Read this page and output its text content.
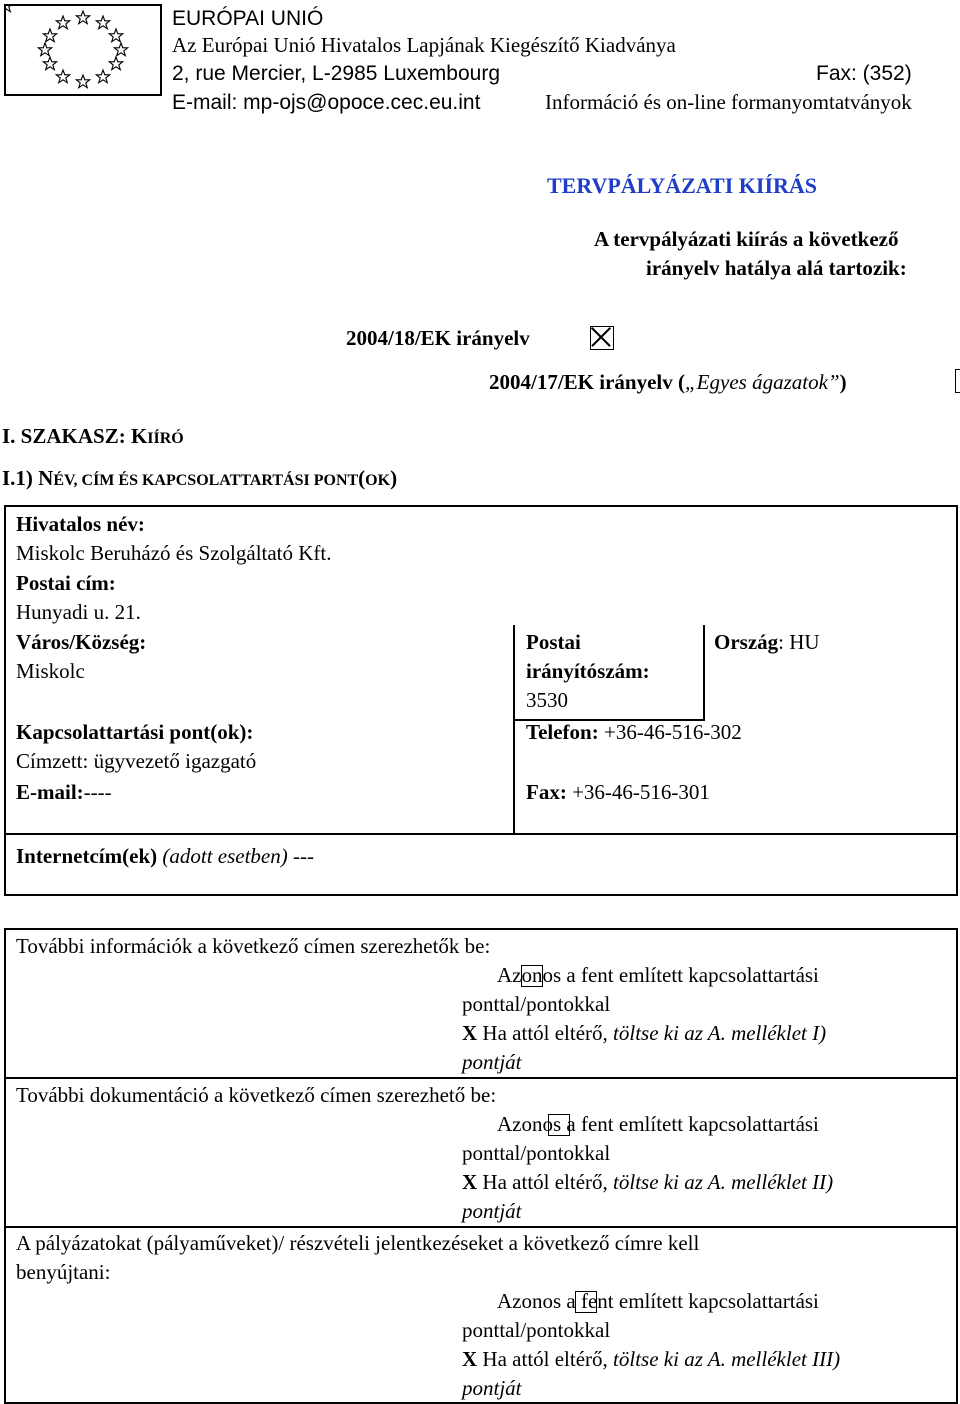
EURÓPAI UNIÓ
Az Európai Unió Hivatalos Lapjának Kiegészítő Kiadványa
2, rue Mercier, L-2985 Luxembourg	Fax: (352)
E-mail: mp-ojs@opoce.cec.eu.int	Információ és on-line formanyomtatványok
TERVPÁLYÁZATI KIÍRÁS
A tervpályázati kiírás a következő
irányelv hatálya alá tartozik:
2004/18/EK irányelv

2004/17/EK irányelv („Egyes ágazatok”)

I. SZAKASZ: KIÍRÓ
I.1) NÉV, CÍM ÉS KAPCSOLATTARTÁSI PONT(OK)
Hivatalos név:
Miskolc Beruházó és Szolgáltató Kft.
Postai cím:
Hunyadi u. 21.
Város/Község:
Miskolc
Postai
irányítószám:
3530
Ország: HU
Kapcsolattartási pont(ok):
Címzett: ügyvezető igazgató
Telefon: +36-46-516-302
E-mail:----	Fax: +36-46-516-301
Internetcím(ek) (adott esetben) ---
További információk a következő címen szerezhetők be:

Azonos a fent említett kapcsolattartási
ponttal/pontokkal
X Ha attól eltérő, töltse ki az A. melléklet I)
pontját
További dokumentáció a következő címen szerezhető be:

Azonos a fent említett kapcsolattartási
ponttal/pontokkal
X Ha attól eltérő, töltse ki az A. melléklet II)
pontját
A pályázatokat (pályaműveket)/ részvételi jelentkezéseket a következő címre kell
benyújtani:
Azonos a fent említett kapcsolattartási
ponttal/pontokkal
X Ha attól eltérő, töltse ki az A. melléklet III)
pontját
